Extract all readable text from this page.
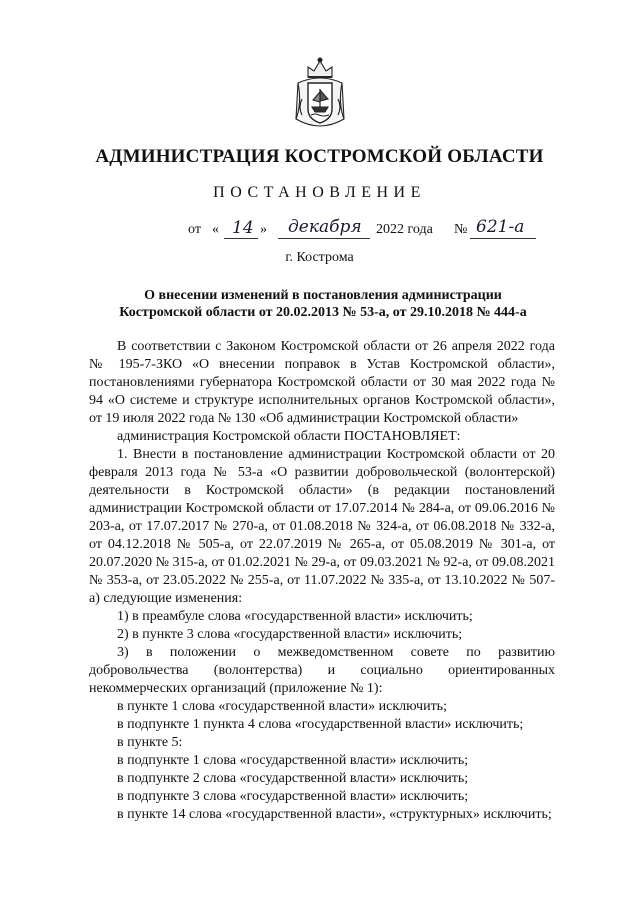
АДМИНИСТРАЦИЯ КОСТРОМСКОЙ ОБЛАСТИ
ПОСТАНОВЛЕНИЕ
от « 14 » декабря 2022 года № 621-а
г. Кострома
О внесении изменений в постановления администрации
Костромской области от 20.02.2013 № 53-а, от 29.10.2018 № 444-а

В соответствии с Законом Костромской области от 26 апреля 2022 года № 195-7-ЗКО «О внесении поправок в Устав Костромской области», постановлениями губернатора Костромской области от 30 мая 2022 года № 94 «О системе и структуре исполнительных органов Костромской области», от 19 июля 2022 года № 130 «Об администрации Костромской области»

администрация Костромской области ПОСТАНОВЛЯЕТ:

1. Внести в постановление администрации Костромской области от 20 февраля 2013 года № 53-а «О развитии добровольческой (волонтерской) деятельности в Костромской области» (в редакции постановлений администрации Костромской области от 17.07.2014 № 284-а, от 09.06.2016 № 203-а, от 17.07.2017 № 270-а, от 01.08.2018 № 324-а, от 06.08.2018 № 332-а, от 04.12.2018 № 505-а, от 22.07.2019 № 265-а, от 05.08.2019 № 301-а, от 20.07.2020 № 315-а, от 01.02.2021 № 29-а, от 09.03.2021 № 92-а, от 09.08.2021 № 353-а, от 23.05.2022 № 255-а, от 11.07.2022 № 335-а, от 13.10.2022 № 507-а) следующие изменения:

1) в преамбуле слова «государственной власти» исключить;

2) в пункте 3 слова «государственной власти» исключить;

3) в положении о межведомственном совете по развитию добровольчества (волонтерства) и социально ориентированных некоммерческих организаций (приложение № 1):

в пункте 1 слова «государственной власти» исключить;

в подпункте 1 пункта 4 слова «государственной власти» исключить;

в пункте 5:

в подпункте 1 слова «государственной власти» исключить;

в подпункте 2 слова «государственной власти» исключить;

в подпункте 3 слова «государственной власти» исключить;

в пункте 14 слова «государственной власти», «структурных» исключить;
